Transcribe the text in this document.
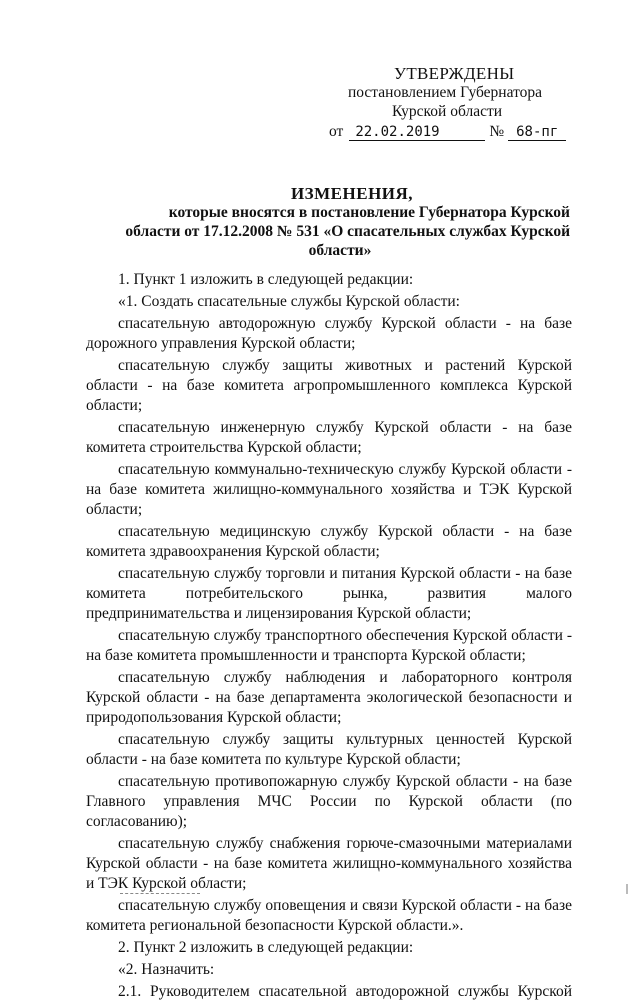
УТВЕРЖДЕНЫ
постановлением Губернатора
Курской области
от 22.02.2019	№ 68-пг
ИЗМЕНЕНИЯ,
которые вносятся в постановление Губернатора Курской
области от 17.12.2008 № 531 «О спасательных службах Курской
области»

1. Пункт 1 изложить в следующей редакции:

«1. Создать спасательные службы Курской области:

спасательную автодорожную службу Курской области - на базе дорожного управления Курской области;

спасательную службу защиты животных и растений Курской области - на базе комитета агропромышленного комплекса Курской области;

спасательную инженерную службу Курской области - на базе комитета строительства Курской области;

спасательную коммунально-техническую службу Курской области - на базе комитета жилищно-коммунального хозяйства и ТЭК Курской области;

спасательную медицинскую службу Курской области - на базе комитета здравоохранения Курской области;

спасательную службу торговли и питания Курской области - на базе комитета потребительского рынка, развития малого предпринимательства и лицензирования Курской области;

спасательную службу транспортного обеспечения Курской области - на базе комитета промышленности и транспорта Курской области;

спасательную службу наблюдения и лабораторного контроля Курской области - на базе департамента экологической безопасности и природопользования Курской области;

спасательную службу защиты культурных ценностей Курской области - на базе комитета по культуре Курской области;

спасательную противопожарную службу Курской области - на базе Главного управления МЧС России по Курской области (по согласованию);

спасательную службу снабжения горюче-смазочными материалами Курской области - на базе комитета жилищно-коммунального хозяйства и ТЭК Курской области;

спасательную службу оповещения и связи Курской области - на базе комитета региональной безопасности Курской области.».

2. Пункт 2 изложить в следующей редакции:

«2. Назначить:

2.1. Руководителем спасательной автодорожной службы Курской
